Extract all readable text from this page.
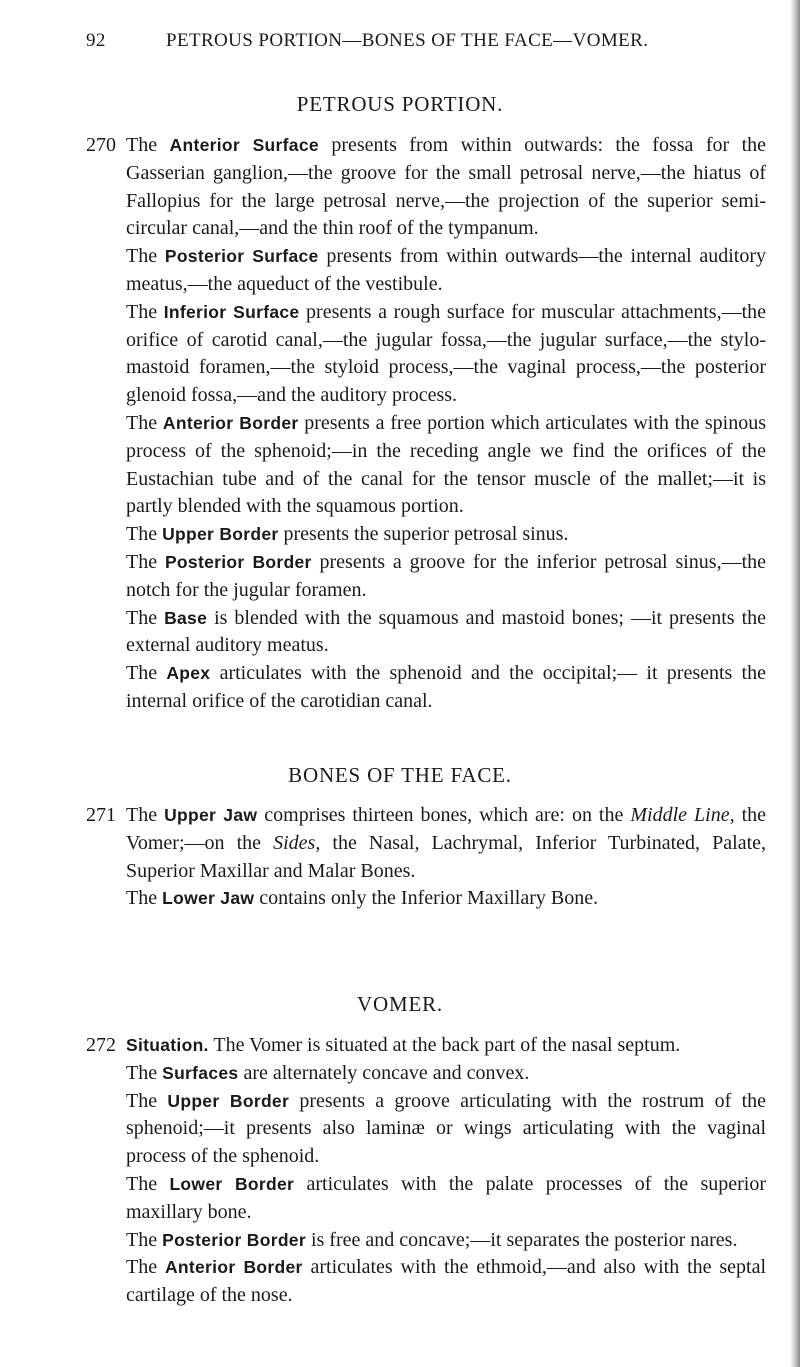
92	PETROUS PORTION—BONES OF THE FACE—VOMER.
PETROUS PORTION.
270 The Anterior Surface presents from within outwards: the fossa for the Gasserian ganglion,—the groove for the small petrosal nerve,—the hiatus of Fallopius for the large petrosal nerve,—the projection of the superior semi-circular canal,—and the thin roof of the tympanum.

The Posterior Surface presents from within outwards—the internal auditory meatus,—the aqueduct of the vestibule.

The Inferior Surface presents a rough surface for muscular attachments,—the orifice of carotid canal,—the jugular fossa,—the jugular surface,—the stylo-mastoid foramen,—the styloid process,—the vaginal process,—the posterior glenoid fossa,—and the auditory process.

The Anterior Border presents a free portion which articulates with the spinous process of the sphenoid;—in the receding angle we find the orifices of the Eustachian tube and of the canal for the tensor muscle of the mallet;—it is partly blended with the squamous portion.

The Upper Border presents the superior petrosal sinus.

The Posterior Border presents a groove for the inferior petrosal sinus,—the notch for the jugular foramen.

The Base is blended with the squamous and mastoid bones; —it presents the external auditory meatus.

The Apex articulates with the sphenoid and the occipital;— it presents the internal orifice of the carotidian canal.

BONES OF THE FACE.
271 The Upper Jaw comprises thirteen bones, which are: on the Middle Line, the Vomer;—on the Sides, the Nasal, Lachrymal, Inferior Turbinated, Palate, Superior Maxillar and Malar Bones.

The Lower Jaw contains only the Inferior Maxillary Bone.

VOMER.
272 Situation. The Vomer is situated at the back part of the nasal septum.

The Surfaces are alternately concave and convex.

The Upper Border presents a groove articulating with the rostrum of the sphenoid;—it presents also laminæ or wings articulating with the vaginal process of the sphenoid.

The Lower Border articulates with the palate processes of the superior maxillary bone.

The Posterior Border is free and concave;—it separates the posterior nares.

The Anterior Border articulates with the ethmoid,—and also with the septal cartilage of the nose.
